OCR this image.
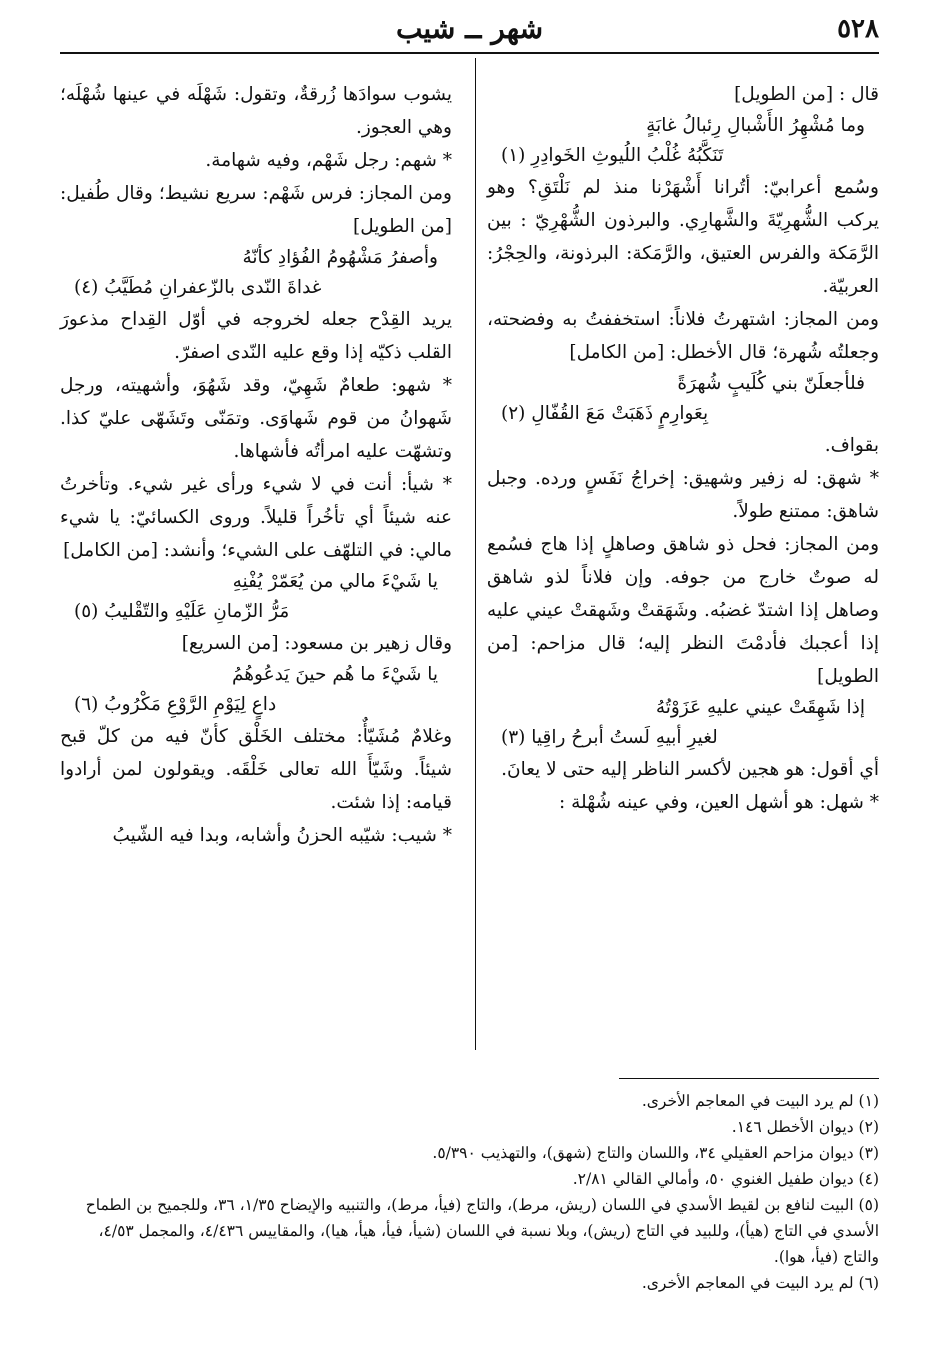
٥٢٨
شهر ــ شيب

قال : [من الطويل]

وما مُشْهِرُ الأَشْبالِ رِئبالُ غابَةٍ
تَنَكَّبُهُ غُلْبُ اللُيوثِ الخَوادِرِ (١)

وسُمع أعرابيّ: أتُرانا أَشْهَرْنا منذ لم نَلْتَقِ؟ وهو يركب الشُّهرِيّةَ والشَّهارِي. والبرذون الشُّهْرِيّ : بين الرَّمَكة والفرس العتيق، والرَّمَكة: البرذونة، والحِجْرُ: العربيّة.

ومن المجاز: اشتهرتُ فلاناً: استخففتُ به وفضحته، وجعلتُه شُهرة؛ قال الأخطل: [من الكامل]

فلأجعلَنّ بني كُلَيبٍ شُهرَةً
بِعَوارِمٍ ذَهَبَتْ مَعَ القُفّالِ (٢)

بقواف.

* شهق: له زفير وشهيق: إخراجُ نَفَسٍ ورده. وجبل شاهق: ممتنع طولاً.

ومن المجاز: فحل ذو شاهق وصاهلٍ إذا هاج فسُمع له صوتٌ خارج من جوفه. وإن فلاناً لذو شاهق وصاهل إذا اشتدّ غضبُه. وشَهَقتْ وشَهقتْ عيني عليه إذا أعجبك فأدمْتَ النظر إليه؛ قال مزاحم: [من الطويل]

إذا شَهِقَتْ عيني عليهِ عَزَوْتُهُ
لغيرِ أبيهِ لَستُ أبرحُ راقِيا (٣)

أي أقول: هو هجين لأكسر الناظر إليه حتى لا يعانَ.

* شهل: هو أشهل العين، وفي عينه شُهْلة :

يشوب سوادَها زُرقةٌ، وتقول: شَهْلَه في عينها شُهْلَه؛ وهي العجوز.

* شهم: رجل شَهْم، وفيه شهامة.

ومن المجاز: فرس شَهْم: سريع نشيط؛ وقال طُفيل: [من الطويل]

وأصفرُ مَشْهُومُ الفُؤادِ كأنّهُ
غداةَ النّدى بالزّعفرانِ مُطَيَّبُ (٤)

يريد القِدْح جعله لخروجه في أوّل القِداح مذعورَ القلب ذكيّه إذا وقع عليه النّدى اصفرّ.

* شهو: طعامٌ شَهِيّ، وقد شَهُوَ، وأشهيته، ورجل شَهوانُ من قوم شَهاوَى. وتمَنّى وتَشَهّى عليّ كذا. وتشهّت عليه امرأتُه فأشهاها.

* شيأ: أنت في لا شيء ورأى غير شيء. وتأخرتُ عنه شيئاً أي تأخُراً قليلاً. وروى الكسائيّ: يا شيء مالي: في التلهّف على الشيء؛ وأنشد: [من الكامل]

يا شَيْءَ مالي من يُعَمّرْ يُفْنِهِ
مَرُّ الزّمانِ عَلَيْهِ والتّقْليبُ (٥)

وقال زهير بن مسعود: [من السريع]

يا شَيْءَ ما هُم حينَ يَدعُوهُمُ
داعٍ لِيَوْمِ الرَّوْعِ مَكْرُوبُ (٦)

وغلامٌ مُشَيّأٌ: مختلف الخَلْق كأنّ فيه من كلّ قبح شيئاً. وشَيّأَ الله تعالى خَلْقَه. ويقولون لمن أرادوا قيامه: إذا شئت.

* شيب: شيّبه الحزنُ وأشابه، وبدا فيه الشّيبُ

(١) لم يرد البيت في المعاجم الأخرى.

(٢) ديوان الأخطل ١٤٦.

(٣) ديوان مزاحم العقيلي ٣٤، واللسان والتاج (شهق)، والتهذيب ٥/٣٩٠.

(٤) ديوان طفيل الغنوي ٥٠، وأمالي القالي ٢/٨١.

(٥) البيت لنافع بن لقيط الأسدي في اللسان (ريش، مرط)، والتاج (فيأ، مرط)، والتنبيه والإيضاح ١/٣٥، ٣٦، وللجميح بن الطماح الأسدي في التاج (هيأ)، وللبيد في التاج (ريش)، وبلا نسبة في اللسان (شيأ، فيأ، هيأ، هيا)، والمقاييس ٤/٤٣٦، والمجمل ٤/٥٣، والتاج (فيأ، هوا).

(٦) لم يرد البيت في المعاجم الأخرى.
